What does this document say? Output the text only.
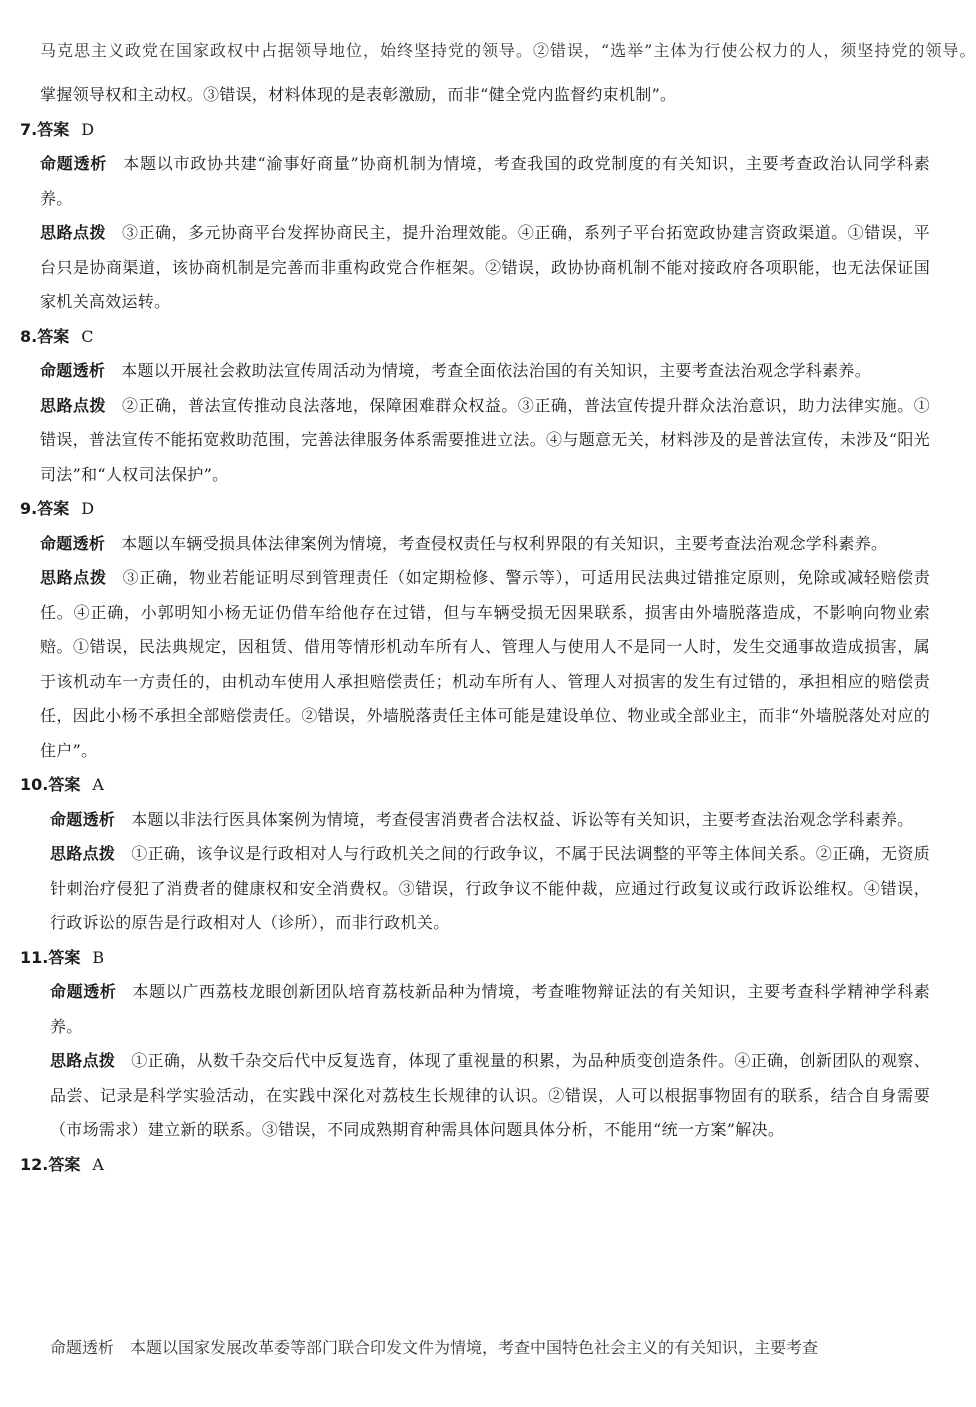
马克思主义政党在国家政权中占据领导地位，始终坚持党的领导。②错误，“选举”主体为行使公权力的人，须坚持党的领导。

掌握领导权和主动权。③错误，材料体现的是表彰激励，而非“健全党内监督约束机制”。

7.答案 D

命题透析 本题以市政协共建“渝事好商量”协商机制为情境，考查我国的政党制度的有关知识，主要考查政治认同学科素养。

思路点拨 ③正确，多元协商平台发挥协商民主，提升治理效能。④正确，系列子平台拓宽政协建言资政渠道。①错误，平台只是协商渠道，该协商机制是完善而非重构政党合作框架。②错误，政协协商机制不能对接政府各项职能，也无法保证国家机关高效运转。

8.答案 C

命题透析 本题以开展社会救助法宣传周活动为情境，考查全面依法治国的有关知识，主要考查法治观念学科素养。

思路点拨 ②正确，普法宣传推动良法落地，保障困难群众权益。③正确，普法宣传提升群众法治意识，助力法律实施。①错误，普法宣传不能拓宽救助范围，完善法律服务体系需要推进立法。④与题意无关，材料涉及的是普法宣传，未涉及“阳光司法”和“人权司法保护”。

9.答案 D

命题透析 本题以车辆受损具体法律案例为情境，考查侵权责任与权利界限的有关知识，主要考查法治观念学科素养。

思路点拨 ③正确，物业若能证明尽到管理责任（如定期检修、警示等），可适用民法典过错推定原则，免除或减轻赔偿责任。④正确，小郭明知小杨无证仍借车给他存在过错，但与车辆受损无因果联系，损害由外墙脱落造成，不影响向物业索赔。①错误，民法典规定，因租赁、借用等情形机动车所有人、管理人与使用人不是同一人时，发生交通事故造成损害，属于该机动车一方责任的，由机动车使用人承担赔偿责任；机动车所有人、管理人对损害的发生有过错的，承担相应的赔偿责任，因此小杨不承担全部赔偿责任。②错误，外墙脱落责任主体可能是建设单位、物业或全部业主，而非“外墙脱落处对应的住户”。

10.答案 A

命题透析 本题以非法行医具体案例为情境，考查侵害消费者合法权益、诉讼等有关知识，主要考查法治观念学科素养。

思路点拨 ①正确，该争议是行政相对人与行政机关之间的行政争议，不属于民法调整的平等主体间关系。②正确，无资质针刺治疗侵犯了消费者的健康权和安全消费权。③错误，行政争议不能仲裁，应通过行政复议或行政诉讼维权。④错误，行政诉讼的原告是行政相对人（诊所），而非行政机关。

11.答案 B

命题透析 本题以广西荔枝龙眼创新团队培育荔枝新品种为情境，考查唯物辩证法的有关知识，主要考查科学精神学科素养。

思路点拨 ①正确，从数千杂交后代中反复选育，体现了重视量的积累，为品种质变创造条件。④正确，创新团队的观察、品尝、记录是科学实验活动，在实践中深化对荔枝生长规律的认识。②错误，人可以根据事物固有的联系，结合自身需要（市场需求）建立新的联系。③错误，不同成熟期育种需具体问题具体分析，不能用“统一方案”解决。

12.答案 A
命题透析　本题以国家发展改革委等部门联合印发文件为情境，考查中国特色社会主义的有关知识，主要考查
